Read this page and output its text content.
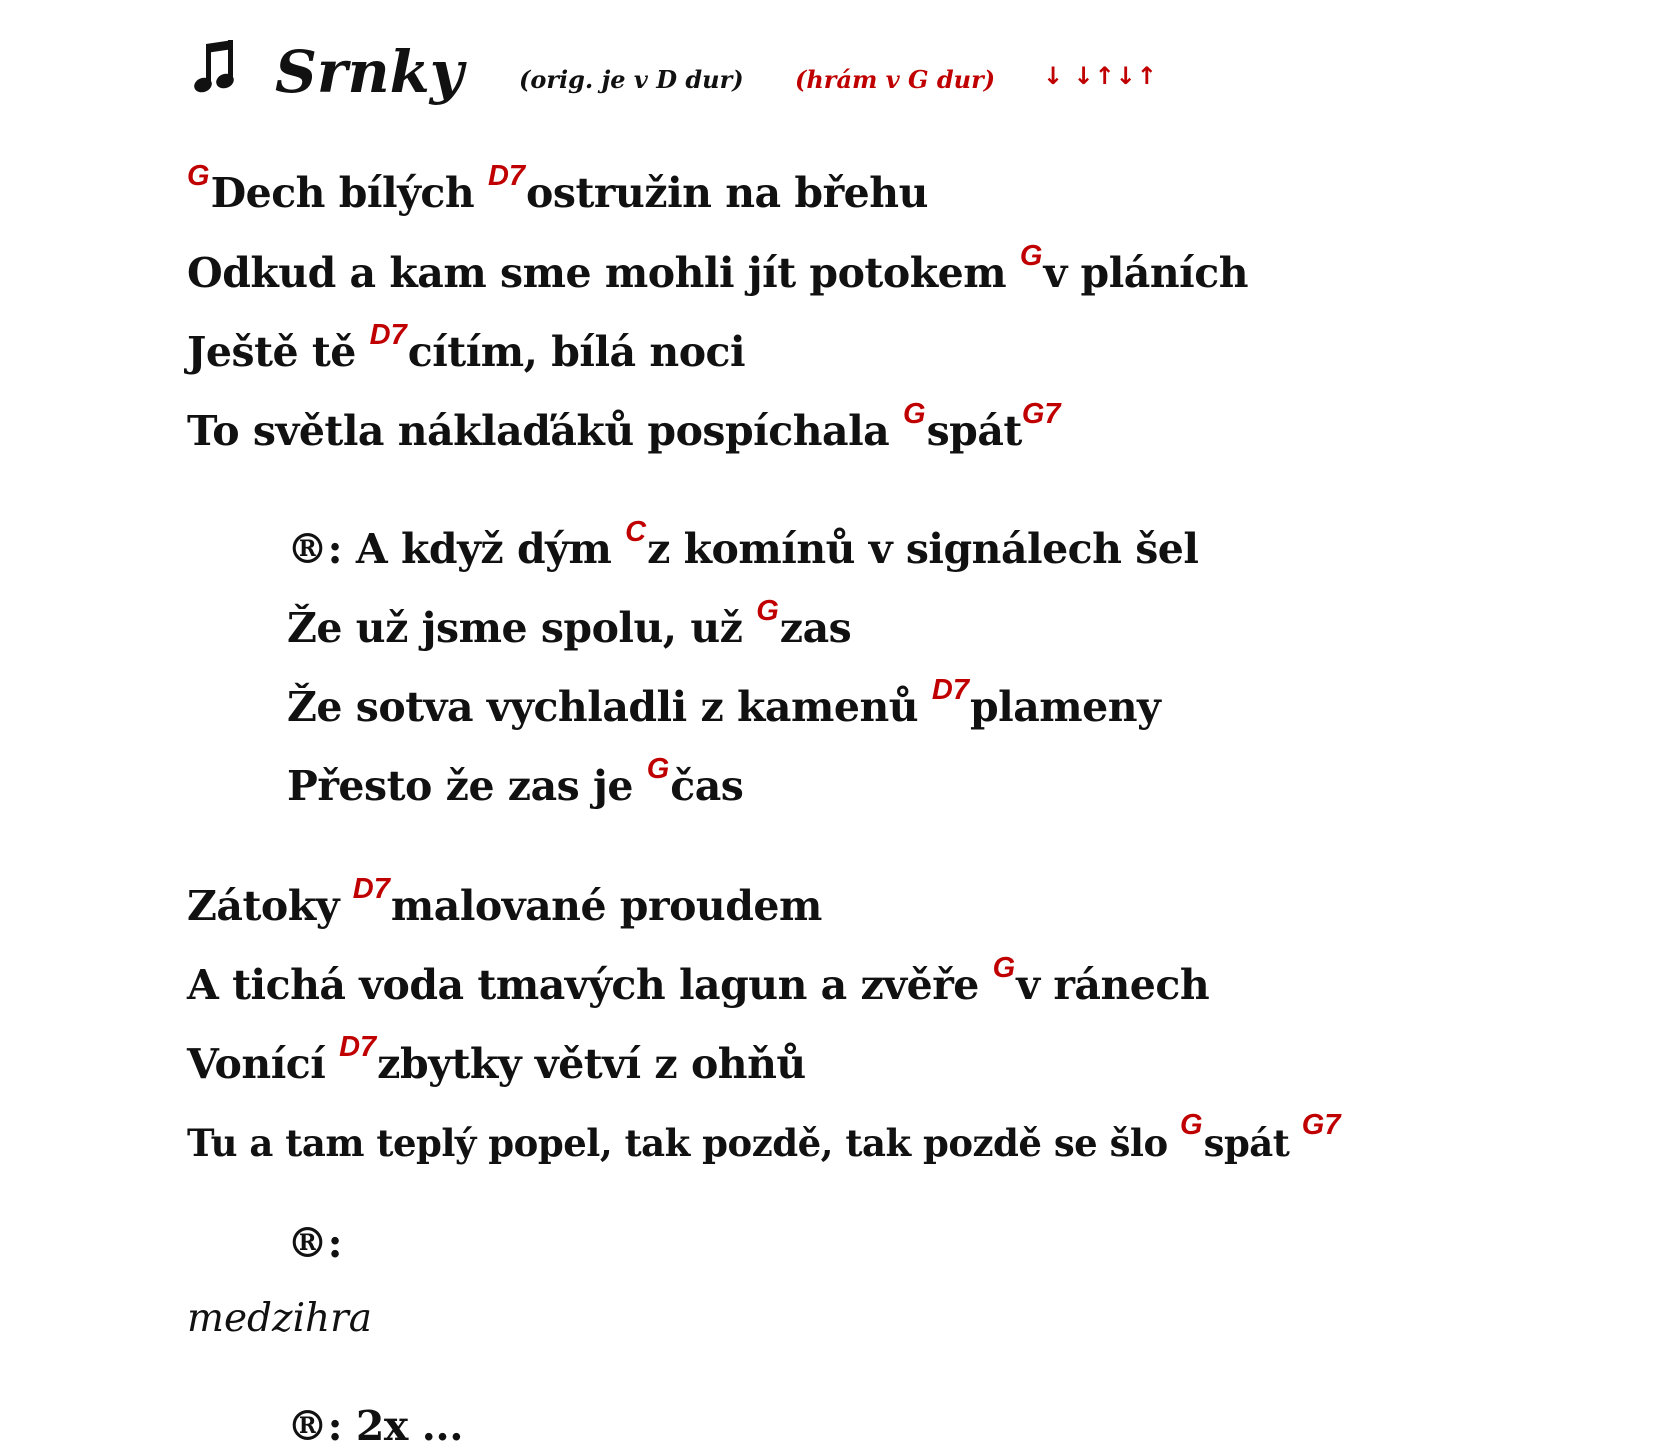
Srnky (orig. je v D dur) (hrám v G dur) ↓ ↓↑↓↑
GDech bílých D7ostružin na břehu
Odkud a kam sme mohli jít potokem Gv pláních
Ještě tě D7cítím, bílá noci
To světla náklaďáků pospíchala GspátG7
®: A když dým Cz komínů v signálech šel
Že už jsme spolu, už Gzas
Že sotva vychladli z kamenů D7plameny
Přesto že zas je Gčas
Zátoky D7malované proudem
A tichá voda tmavých lagun a zvěře Gv ránech
Vonící D7zbytky větví z ohňů
Tu a tam teplý popel, tak pozdě, tak pozdě se šlo Gspát G7
®:
medzihra
®: 2x ...
